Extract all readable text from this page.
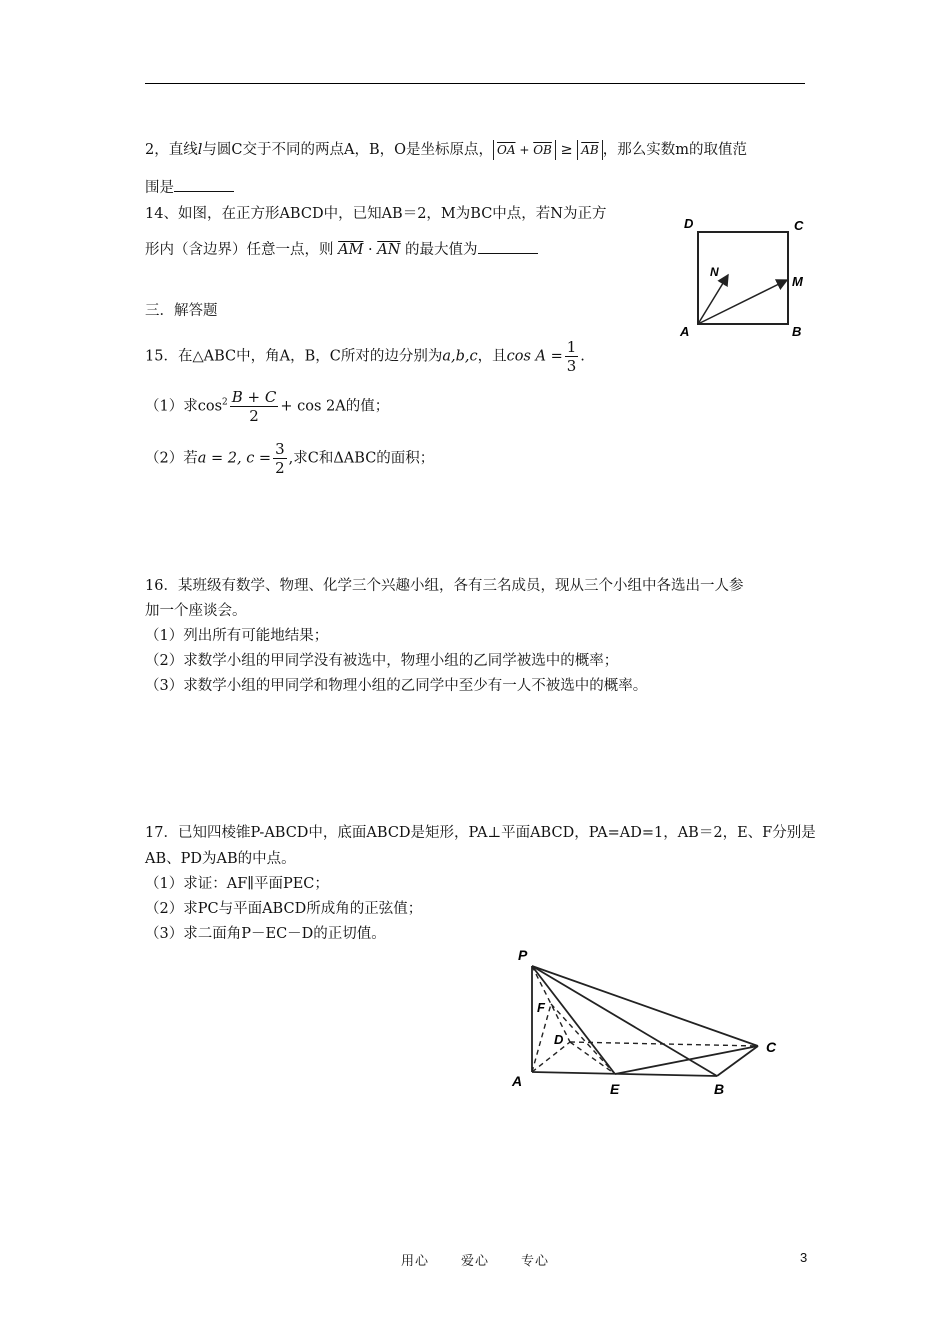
2，直线l与圆C交于不同的两点A，B，O是坐标原点， $\overline{OA} + \overline{OB} \ge \overline{AB}$ ，那么实数m的取值范
围是
14、如图，在正方形ABCD中，已知AB＝2，M为BC中点，若N为正方
形内（含边界）任意一点，则 $\overline{AM} \cdot \overline{AN}$ 的最大值为
D	C
N
M
A	B
三．解答题
15．在△ABC中，角A，B，C所对的边分别为a,b,c，且$\cos A = \frac{1}{3}$ .
（1）求$\cos^2 \frac{B + C}{2} + \cos 2A$的值；
（2）若a = 2, $c = \frac{3}{2}$ ,求C和ΔABC的面积；
16．某班级有数学、物理、化学三个兴趣小组，各有三名成员，现从三个小组中各选出一人参
加一个座谈会。
（1）列出所有可能地结果；
（2）求数学小组的甲同学没有被选中，物理小组的乙同学被选中的概率；
（3）求数学小组的甲同学和物理小组的乙同学中至少有一人不被选中的概率。
17．已知四棱锥P-ABCD中，底面ABCD是矩形，PA⊥平面ABCD，PA=AD=1，AB＝2，E、F分别是
AB、PD为AB的中点。
（1）求证：AF∥平面PEC；
（2）求PC与平面ABCD所成角的正弦值；
（3）求二面角P－EC－D的正切值。
P
F
D	C
A	E	B
用心 爱心 专心	3
